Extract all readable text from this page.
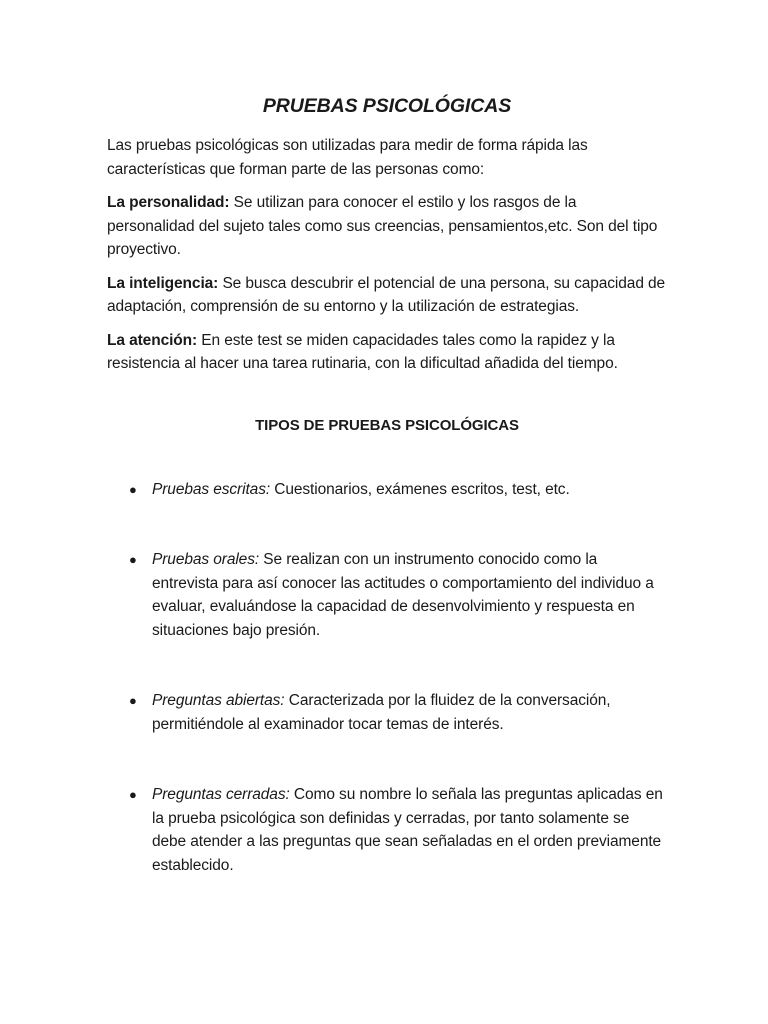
PRUEBAS PSICOLÓGICAS

Las pruebas psicológicas son utilizadas para medir de forma rápida las características que forman parte de las personas como:

La personalidad: Se utilizan para conocer el estilo y los rasgos de la personalidad del sujeto tales como sus creencias, pensamientos,etc. Son del tipo proyectivo.

La inteligencia: Se busca descubrir el potencial de una persona, su capacidad de adaptación, comprensión de su entorno y la utilización de estrategias.

La atención: En este test se miden capacidades tales como la rapidez y la resistencia al hacer una tarea rutinaria, con la dificultad añadida del tiempo.

TIPOS DE PRUEBAS PSICOLÓGICAS
● Pruebas escritas: Cuestionarios, exámenes escritos, test, etc.
● Pruebas orales: Se realizan con un instrumento conocido como la entrevista para así conocer las actitudes o comportamiento del individuo a evaluar, evaluándose la capacidad de desenvolvimiento y respuesta en situaciones bajo presión.
● Preguntas abiertas: Caracterizada por la fluidez de la conversación, permitiéndole al examinador tocar temas de interés.
● Preguntas cerradas: Como su nombre lo señala las preguntas aplicadas en la prueba psicológica son definidas y cerradas, por tanto solamente se debe atender a las preguntas que sean señaladas en el orden previamente establecido.
